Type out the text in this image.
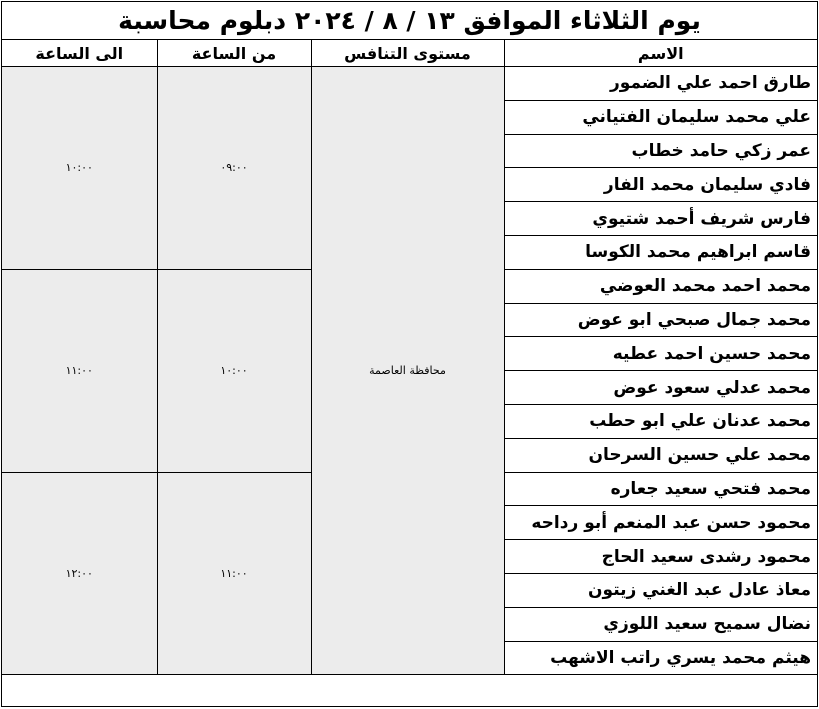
يوم الثلاثاء الموافق ١٣ / ٨ / ٢٠٢٤ دبلوم محاسبة
الاسم	مستوى التنافس	من الساعة	الى الساعة
طارق احمد علي الضمور	محافظة العاصمة	٠٩:٠٠	١٠:٠٠
علي محمد سليمان الفتياني			
عمر زكي حامد خطاب			
فادي سليمان محمد الفار			
فارس شريف أحمد شتيوي			
قاسم ابراهيم محمد الكوسا			
محمد احمد محمد العوضي		١٠:٠٠	١١:٠٠
محمد جمال صبحي ابو عوض			
محمد حسين احمد عطيه			
محمد عدلي سعود عوض			
محمد عدنان علي ابو حطب			
محمد علي حسين السرحان			
محمد فتحي سعيد جعاره		١١:٠٠	١٢:٠٠
محمود حسن عبد المنعم أبو رداحه			
محمود رشدى سعيد الحاج			
معاذ عادل عبد الغني زيتون			
نضال سميح سعيد اللوزي			
هيثم محمد يسري راتب الاشهب			
